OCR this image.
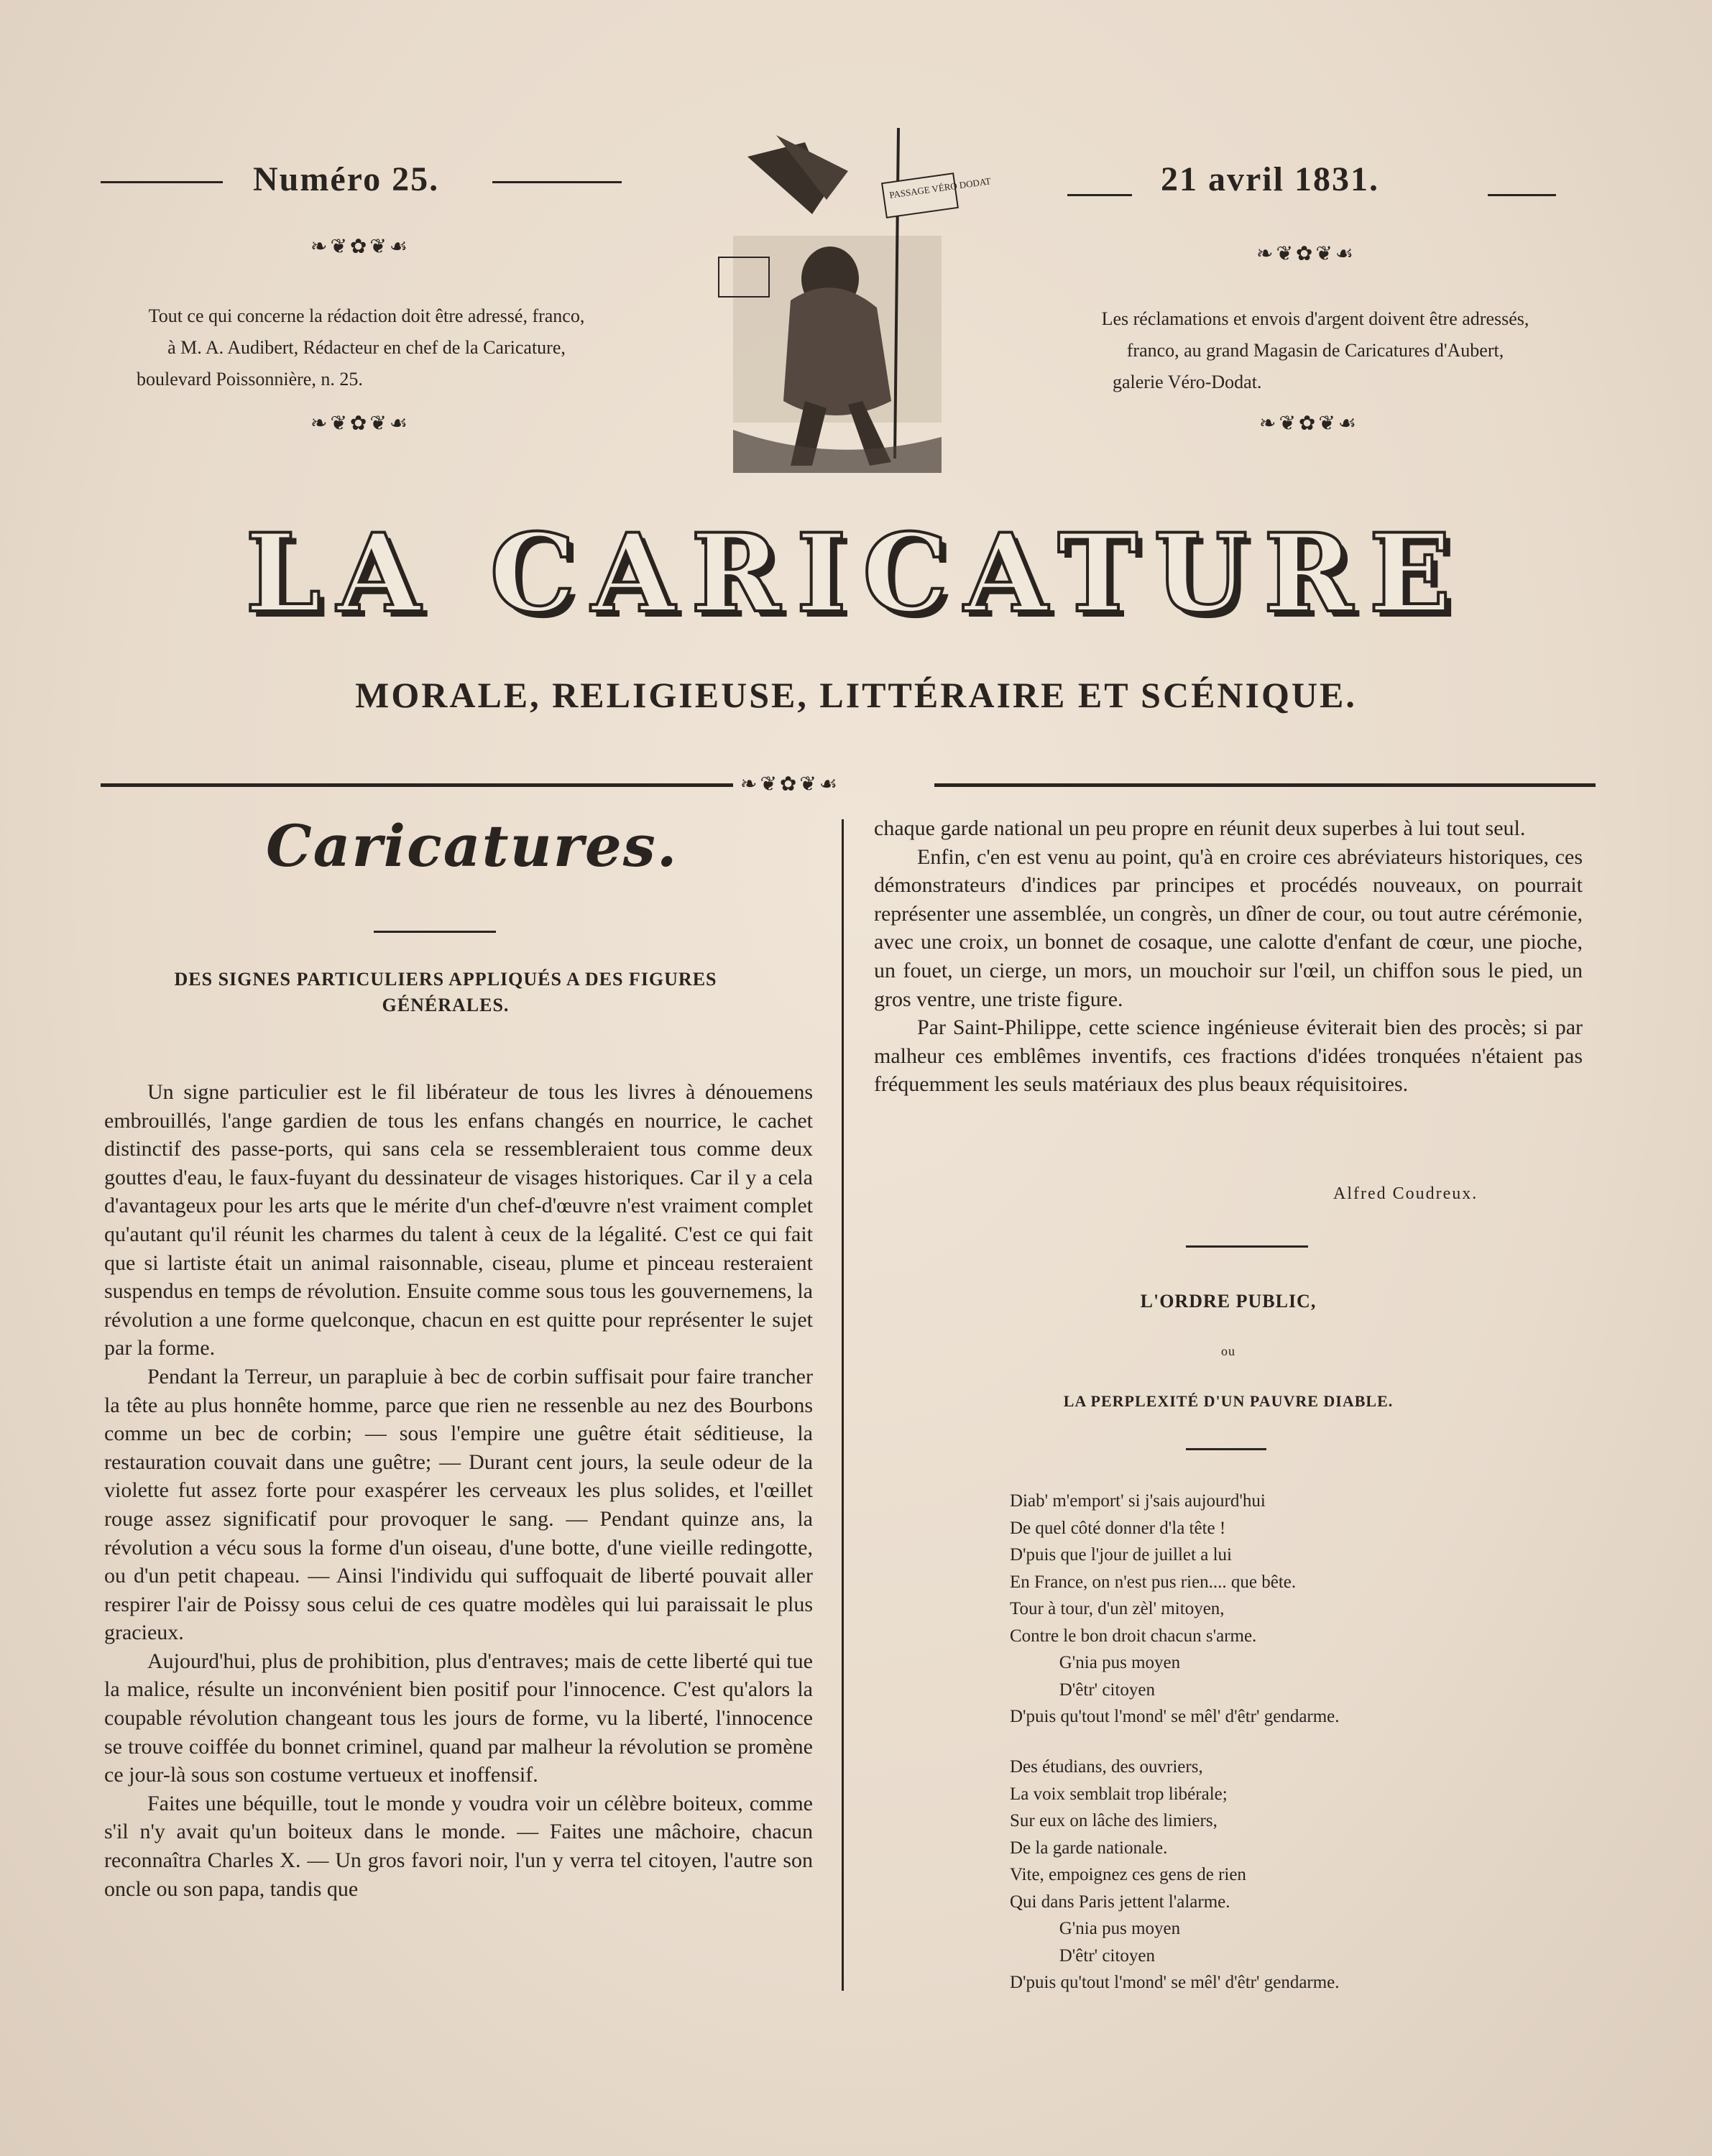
Numéro 25.	21 avril 1831.
❧❦✿❦☙	❧❦✿❦☙
Tout ce qui concerne la rédaction doit être adressé, franco,
à M. A. Audibert, Rédacteur en chef de la Caricature,
boulevard Poissonnière, n. 25.
Les réclamations et envois d'argent doivent être adressés,
franco, au grand Magasin de Caricatures d'Aubert,
galerie Véro-Dodat.
❧❦✿❦☙	❧❦✿❦☙
PASSAGE VÉRO DODAT
LA CARICATURE
MORALE, RELIGIEUSE, LITTÉRAIRE ET SCÉNIQUE.
❧❦✿❦☙
Caricatures.
DES SIGNES PARTICULIERS APPLIQUÉS A DES FIGURES
GÉNÉRALES.

Un signe particulier est le fil libérateur de tous les livres à dénouemens embrouillés, l'ange gardien de tous les enfans changés en nourrice, le cachet distinctif des passe-ports, qui sans cela se ressembleraient tous comme deux gouttes d'eau, le faux-fuyant du dessinateur de visages historiques. Car il y a cela d'avantageux pour les arts que le mérite d'un chef-d'œuvre n'est vraiment complet qu'autant qu'il réunit les charmes du talent à ceux de la légalité. C'est ce qui fait que si lartiste était un animal raisonnable, ciseau, plume et pinceau resteraient suspendus en temps de révolution. Ensuite comme sous tous les gouvernemens, la révolution a une forme quelconque, chacun en est quitte pour représenter le sujet par la forme.

Pendant la Terreur, un parapluie à bec de corbin suffisait pour faire trancher la tête au plus honnête homme, parce que rien ne ressenble au nez des Bourbons comme un bec de corbin; — sous l'empire une guêtre était séditieuse, la restauration couvait dans une guêtre; — Durant cent jours, la seule odeur de la violette fut assez forte pour exaspérer les cerveaux les plus solides, et l'œillet rouge assez significatif pour provoquer le sang. — Pendant quinze ans, la révolution a vécu sous la forme d'un oiseau, d'une botte, d'une vieille redingotte, ou d'un petit chapeau. — Ainsi l'individu qui suffoquait de liberté pouvait aller respirer l'air de Poissy sous celui de ces quatre modèles qui lui paraissait le plus gracieux.

Aujourd'hui, plus de prohibition, plus d'entraves; mais de cette liberté qui tue la malice, résulte un inconvénient bien positif pour l'innocence. C'est qu'alors la coupable révolution changeant tous les jours de forme, vu la liberté, l'innocence se trouve coiffée du bonnet criminel, quand par malheur la révolution se promène ce jour-là sous son costume vertueux et inoffensif.

Faites une béquille, tout le monde y voudra voir un célèbre boiteux, comme s'il n'y avait qu'un boiteux dans le monde. — Faites une mâchoire, chacun reconnaîtra Charles X. — Un gros favori noir, l'un y verra tel citoyen, l'autre son oncle ou son papa, tandis que

chaque garde national un peu propre en réunit deux superbes à lui tout seul.

Enfin, c'en est venu au point, qu'à en croire ces abréviateurs historiques, ces démonstrateurs d'indices par principes et procédés nouveaux, on pourrait représenter une assemblée, un congrès, un dîner de cour, ou tout autre cérémonie, avec une croix, un bonnet de cosaque, une calotte d'enfant de cœur, une pioche, un fouet, un cierge, un mors, un mouchoir sur l'œil, un chiffon sous le pied, un gros ventre, une triste figure.

Par Saint-Philippe, cette science ingénieuse éviterait bien des procès; si par malheur ces emblêmes inventifs, ces fractions d'idées tronquées n'étaient pas fréquemment les seuls matériaux des plus beaux réquisitoires.

Alfred Coudreux.
L'ORDRE PUBLIC,
ou
LA PERPLEXITÉ D'UN PAUVRE DIABLE.
Diab' m'emport' si j'sais aujourd'hui
De quel côté donner d'la tête !
D'puis que l'jour de juillet a lui
En France, on n'est pus rien.... que bête.
Tour à tour, d'un zèl' mitoyen,
Contre le bon droit chacun s'arme.
G'nia pus moyen
D'êtr' citoyen
D'puis qu'tout l'mond' se mêl' d'êtr' gendarme.
Des étudians, des ouvriers,
La voix semblait trop libérale;
Sur eux on lâche des limiers,
De la garde nationale.
Vite, empoignez ces gens de rien
Qui dans Paris jettent l'alarme.
G'nia pus moyen
D'êtr' citoyen
D'puis qu'tout l'mond' se mêl' d'êtr' gendarme.
